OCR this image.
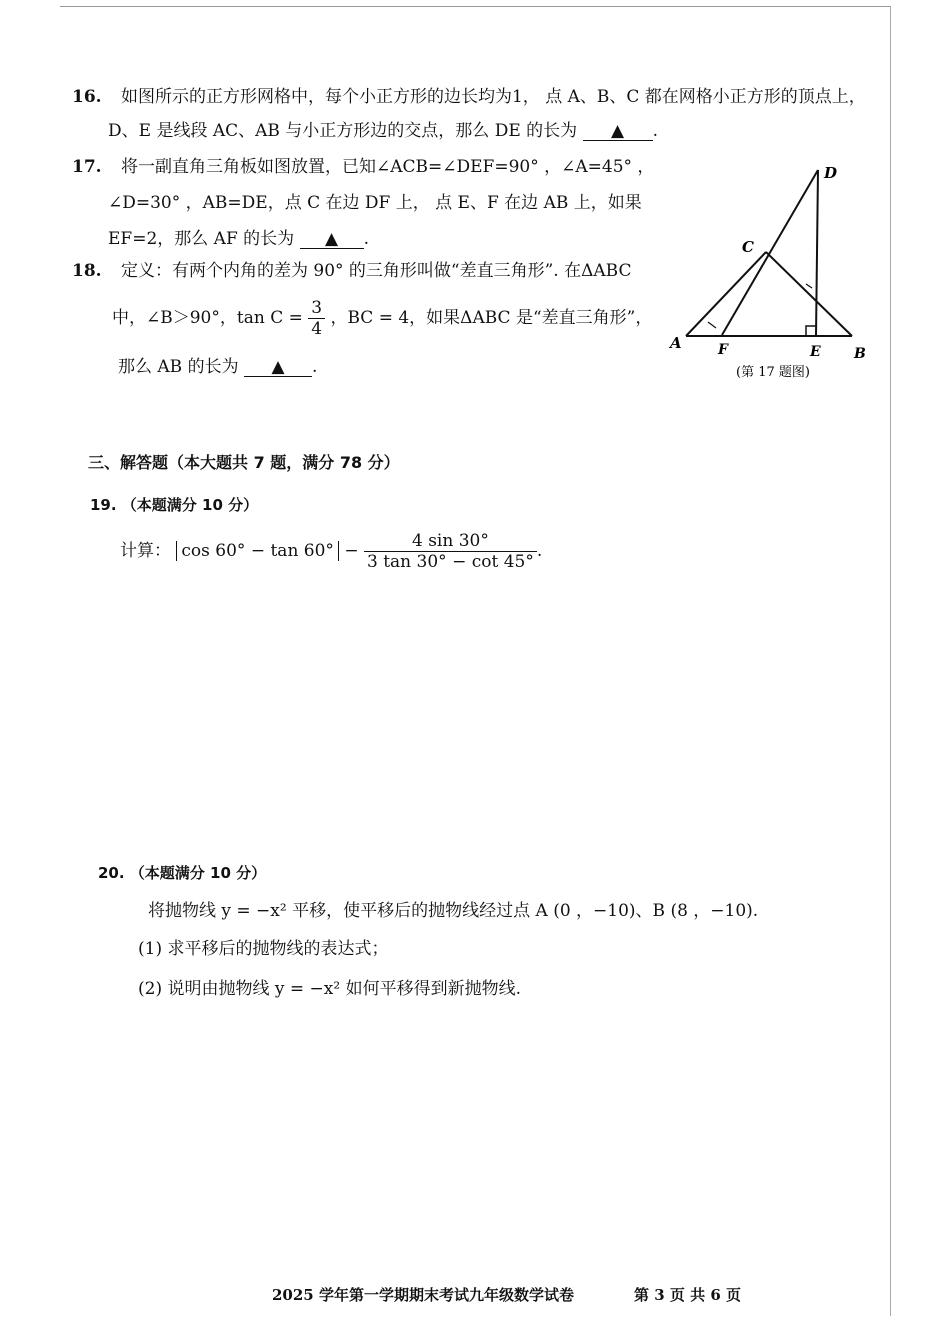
16. 如图所示的正方形网格中，每个小正方形的边长均为1， 点 A、B、C 都在网格小正方形的顶点上，
D、E 是线段 AC、AB 与小正方形边的交点，那么 DE 的长为 ▲ .
17. 将一副直角三角板如图放置，已知∠ACB=∠DEF=90° ，∠A=45° ，
∠D=30° ，AB=DE，点 C 在边 DF 上， 点 E、F 在边 AB 上，如果
EF=2，那么 AF 的长为 ▲ .
18. 定义：有两个内角的差为 90° 的三角形叫做“差直三角形”. 在ΔABC
中，∠B＞90°，$\tan C = \frac{3}{4}$ ，BC = 4，如果ΔABC 是“差直三角形”，
那么 AB 的长为 ▲ .
D
C
A	F	E B
(第 17 题图)
三、解答题（本大题共 7 题，满分 78 分）
19. （本题满分 10 分）
计算： $\cos 60^\circ - \tan 60^\circ - \frac{4 \sin 30^\circ}{3 \tan 30^\circ - \cot 45^\circ}$ .
20. （本题满分 10 分）
将抛物线 y = −x² 平移，使平移后的抛物线经过点 A (0 ，−10)、B (8 ，−10).
(1) 求平移后的抛物线的表达式；
(2) 说明由抛物线 y = −x² 如何平移得到新抛物线.
2025 学年第一学期期末考试九年级数学试卷	第 3 页 共 6 页
